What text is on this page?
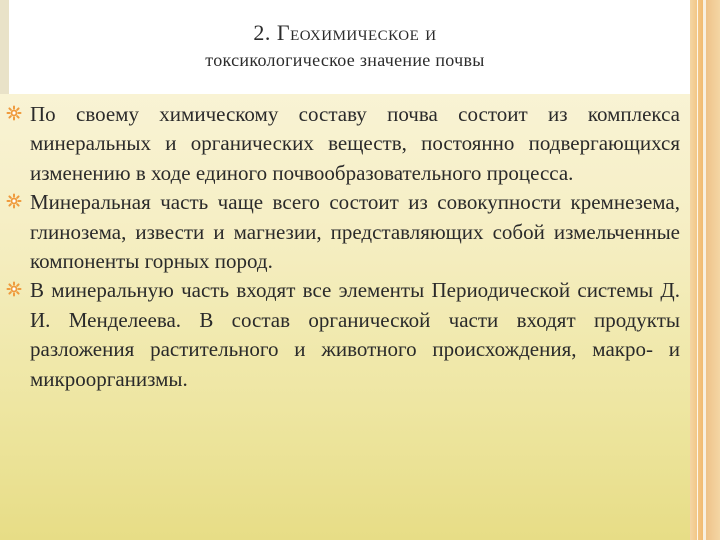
2. Геохимическое и
токсикологическое значение почвы

По своему химическому составу почва состоит из комплекса минеральных и органических веществ, постоянно подвергающихся изменению в ходе единого почвообразовательного процесса.

Минеральная часть чаще всего состоит из совокупности кремнезема, глинозема, извести и магнезии, представляющих собой измельченные компоненты горных пород.

В минеральную часть входят все элементы Периодической системы Д. И. Менделеева. В состав органической части входят продукты разложения растительного и животного происхождения, макро- и микроорганизмы.
